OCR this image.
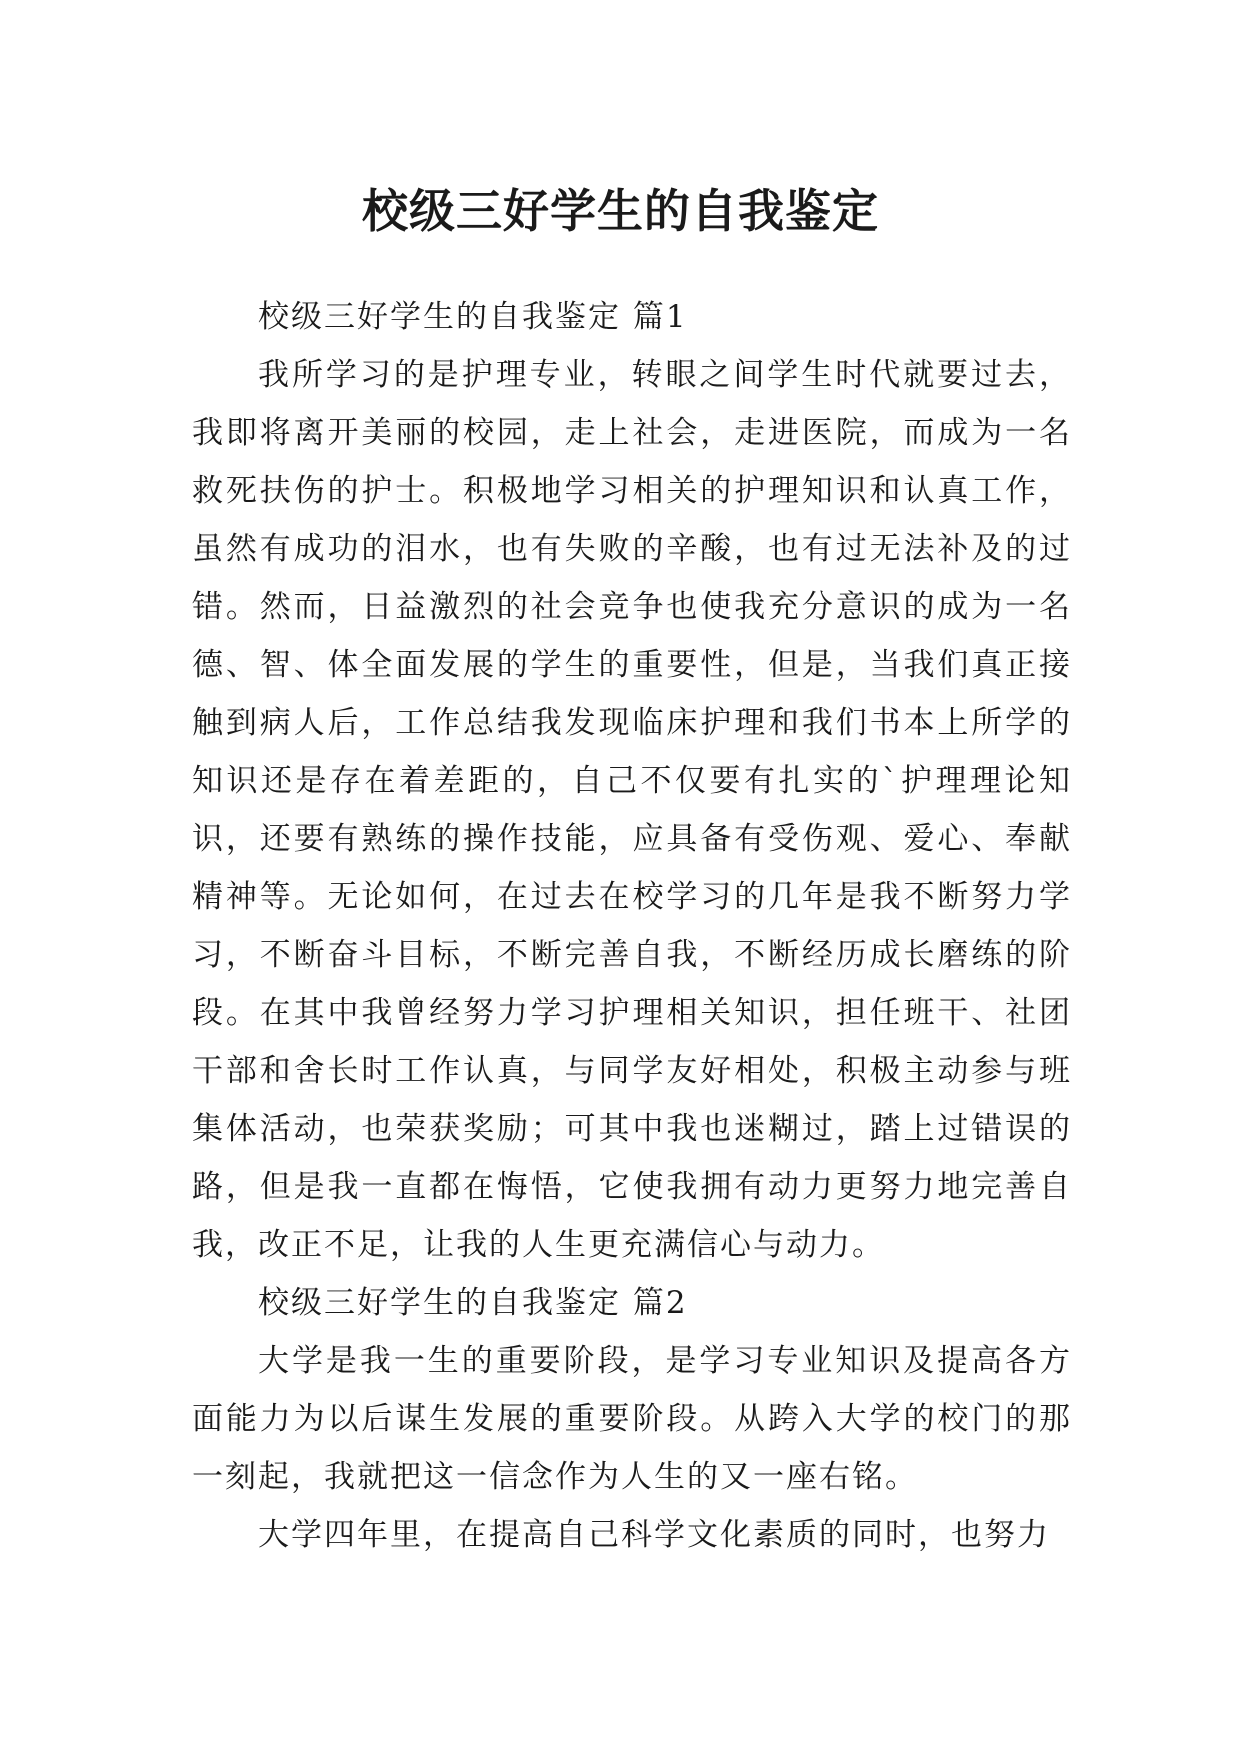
校级三好学生的自我鉴定

校级三好学生的自我鉴定 篇1

我所学习的是护理专业，转眼之间学生时代就要过去，我即将离开美丽的校园，走上社会，走进医院，而成为一名救死扶伤的护士。积极地学习相关的护理知识和认真工作，虽然有成功的泪水，也有失败的辛酸，也有过无法补及的过错。然而，日益激烈的社会竞争也使我充分意识的成为一名德、智、体全面发展的学生的重要性，但是，当我们真正接触到病人后，工作总结我发现临床护理和我们书本上所学的知识还是存在着差距的，自己不仅要有扎实的`护理理论知识，还要有熟练的操作技能，应具备有受伤观、爱心、奉献精神等。无论如何，在过去在校学习的几年是我不断努力学习，不断奋斗目标，不断完善自我，不断经历成长磨练的阶段。在其中我曾经努力学习护理相关知识，担任班干、社团干部和舍长时工作认真，与同学友好相处，积极主动参与班集体活动，也荣获奖励；可其中我也迷糊过，踏上过错误的路，但是我一直都在悔悟，它使我拥有动力更努力地完善自我，改正不足，让我的人生更充满信心与动力。

校级三好学生的自我鉴定 篇2

大学是我一生的重要阶段，是学习专业知识及提高各方面能力为以后谋生发展的重要阶段。从跨入大学的校门的那一刻起，我就把这一信念作为人生的又一座右铭。

大学四年里，在提高自己科学文化素质的同时，也努力
